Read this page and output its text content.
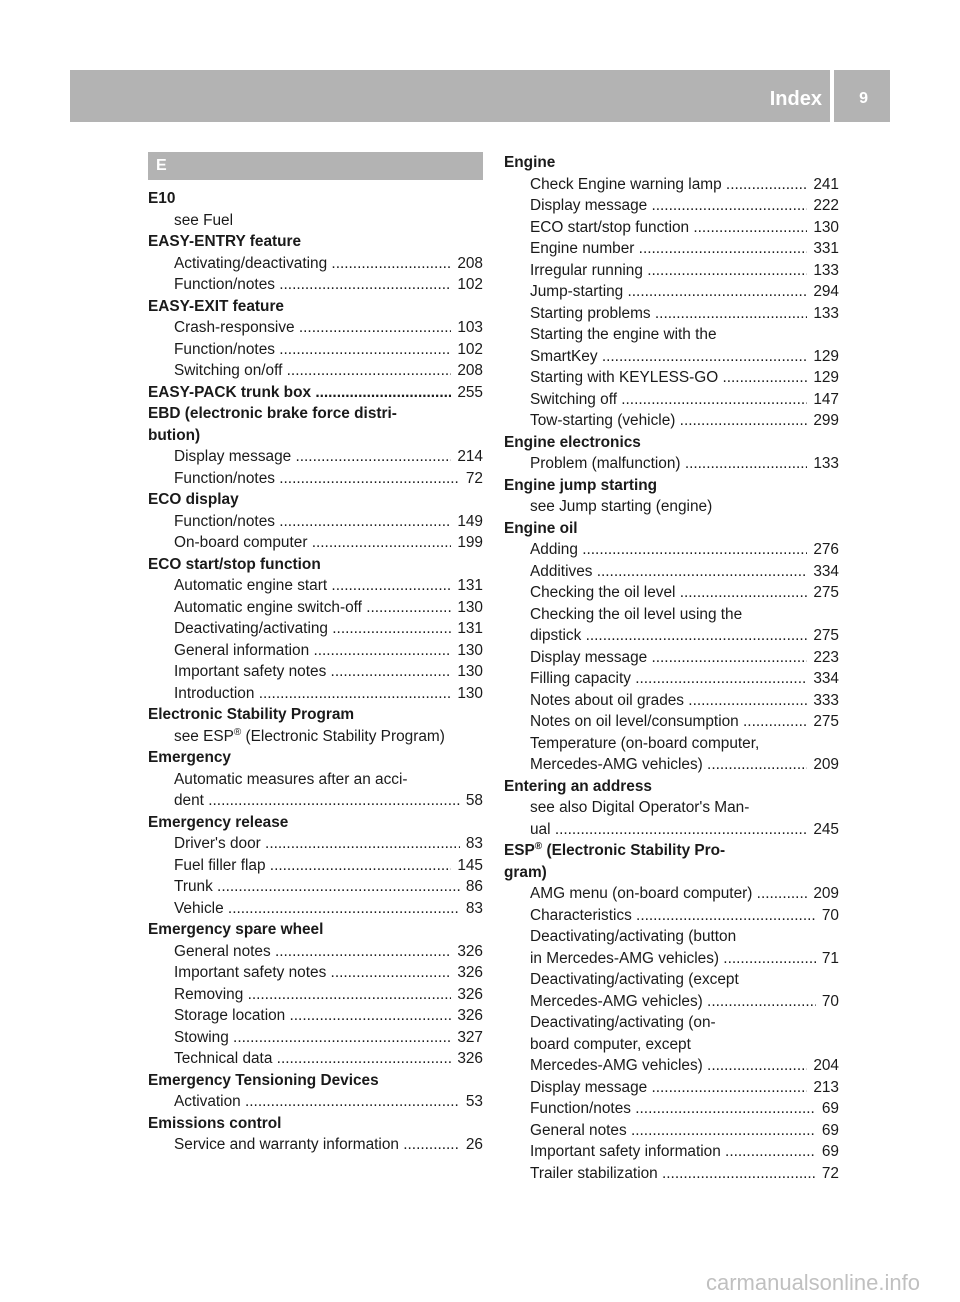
Index 9
E
E10
see Fuel
EASY-ENTRY feature
Activating/deactivating .....	208
Function/notes .....	102
EASY-EXIT feature
Crash-responsive .....	103
Function/notes .....	102
Switching on/off .....	208
EASY-PACK trunk box .....	255
EBD (electronic brake force distri-
bution)
Display message .....	214
Function/notes .....	72
ECO display
Function/notes .....	149
On-board computer .....	199
ECO start/stop function
Automatic engine start .....	131
Automatic engine switch-off .....	130
Deactivating/activating .....	131
General information .....	130
Important safety notes .....	130
Introduction .....	130
Electronic Stability Program
see ESP® (Electronic Stability Program)
Emergency
Automatic measures after an acci-
dent .....	58
Emergency release
Driver's door .....	83
Fuel filler flap .....	145
Trunk .....	86
Vehicle .....	83
Emergency spare wheel
General notes .....	326
Important safety notes .....	326
Removing .....	326
Storage location .....	326
Stowing .....	327
Technical data .....	326
Emergency Tensioning Devices
Activation .....	53
Emissions control
Service and warranty information .....	26
Engine
Check Engine warning lamp .....	241
Display message .....	222
ECO start/stop function .....	130
Engine number .....	331
Irregular running .....	133
Jump-starting .....	294
Starting problems .....	133
Starting the engine with the
SmartKey .....	129
Starting with KEYLESS-GO .....	129
Switching off .....	147
Tow-starting (vehicle) .....	299
Engine electronics
Problem (malfunction) .....	133
Engine jump starting
see Jump starting (engine)
Engine oil
Adding .....	276
Additives .....	334
Checking the oil level .....	275
Checking the oil level using the
dipstick .....	275
Display message .....	223
Filling capacity .....	334
Notes about oil grades .....	333
Notes on oil level/consumption .....	275
Temperature (on-board computer,
Mercedes-AMG vehicles) .....	209
Entering an address
see also Digital Operator's Man-
ual .....	245
ESP® (Electronic Stability Pro-
gram)
AMG menu (on-board computer) .....	209
Characteristics .....	70
Deactivating/activating (button
in Mercedes-AMG vehicles) .....	71
Deactivating/activating (except
Mercedes-AMG vehicles) .....	70
Deactivating/activating (on-
board computer, except
Mercedes-AMG vehicles) .....	204
Display message .....	213
Function/notes .....	69
General notes .....	69
Important safety information .....	69
Trailer stabilization .....	72
carmanualsonline.info
